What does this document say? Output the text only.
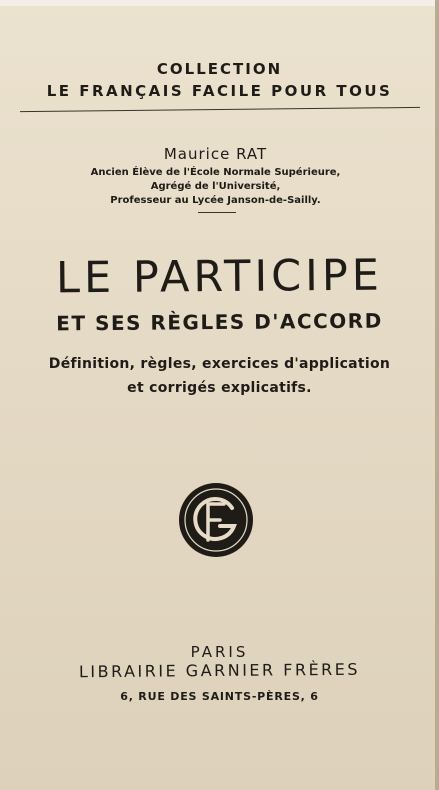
COLLECTION
LE FRANÇAIS FACILE POUR TOUS
Maurice RAT
Ancien Élève de l'École Normale Supérieure,
Agrégé de l'Université,
Professeur au Lycée Janson-de-Sailly.
LE PARTICIPE
ET SES RÈGLES D'ACCORD
Définition, règles, exercices d'application
et corrigés explicatifs.
PARIS
LIBRAIRIE GARNIER FRÈRES
6, RUE DES SAINTS-PÈRES, 6
